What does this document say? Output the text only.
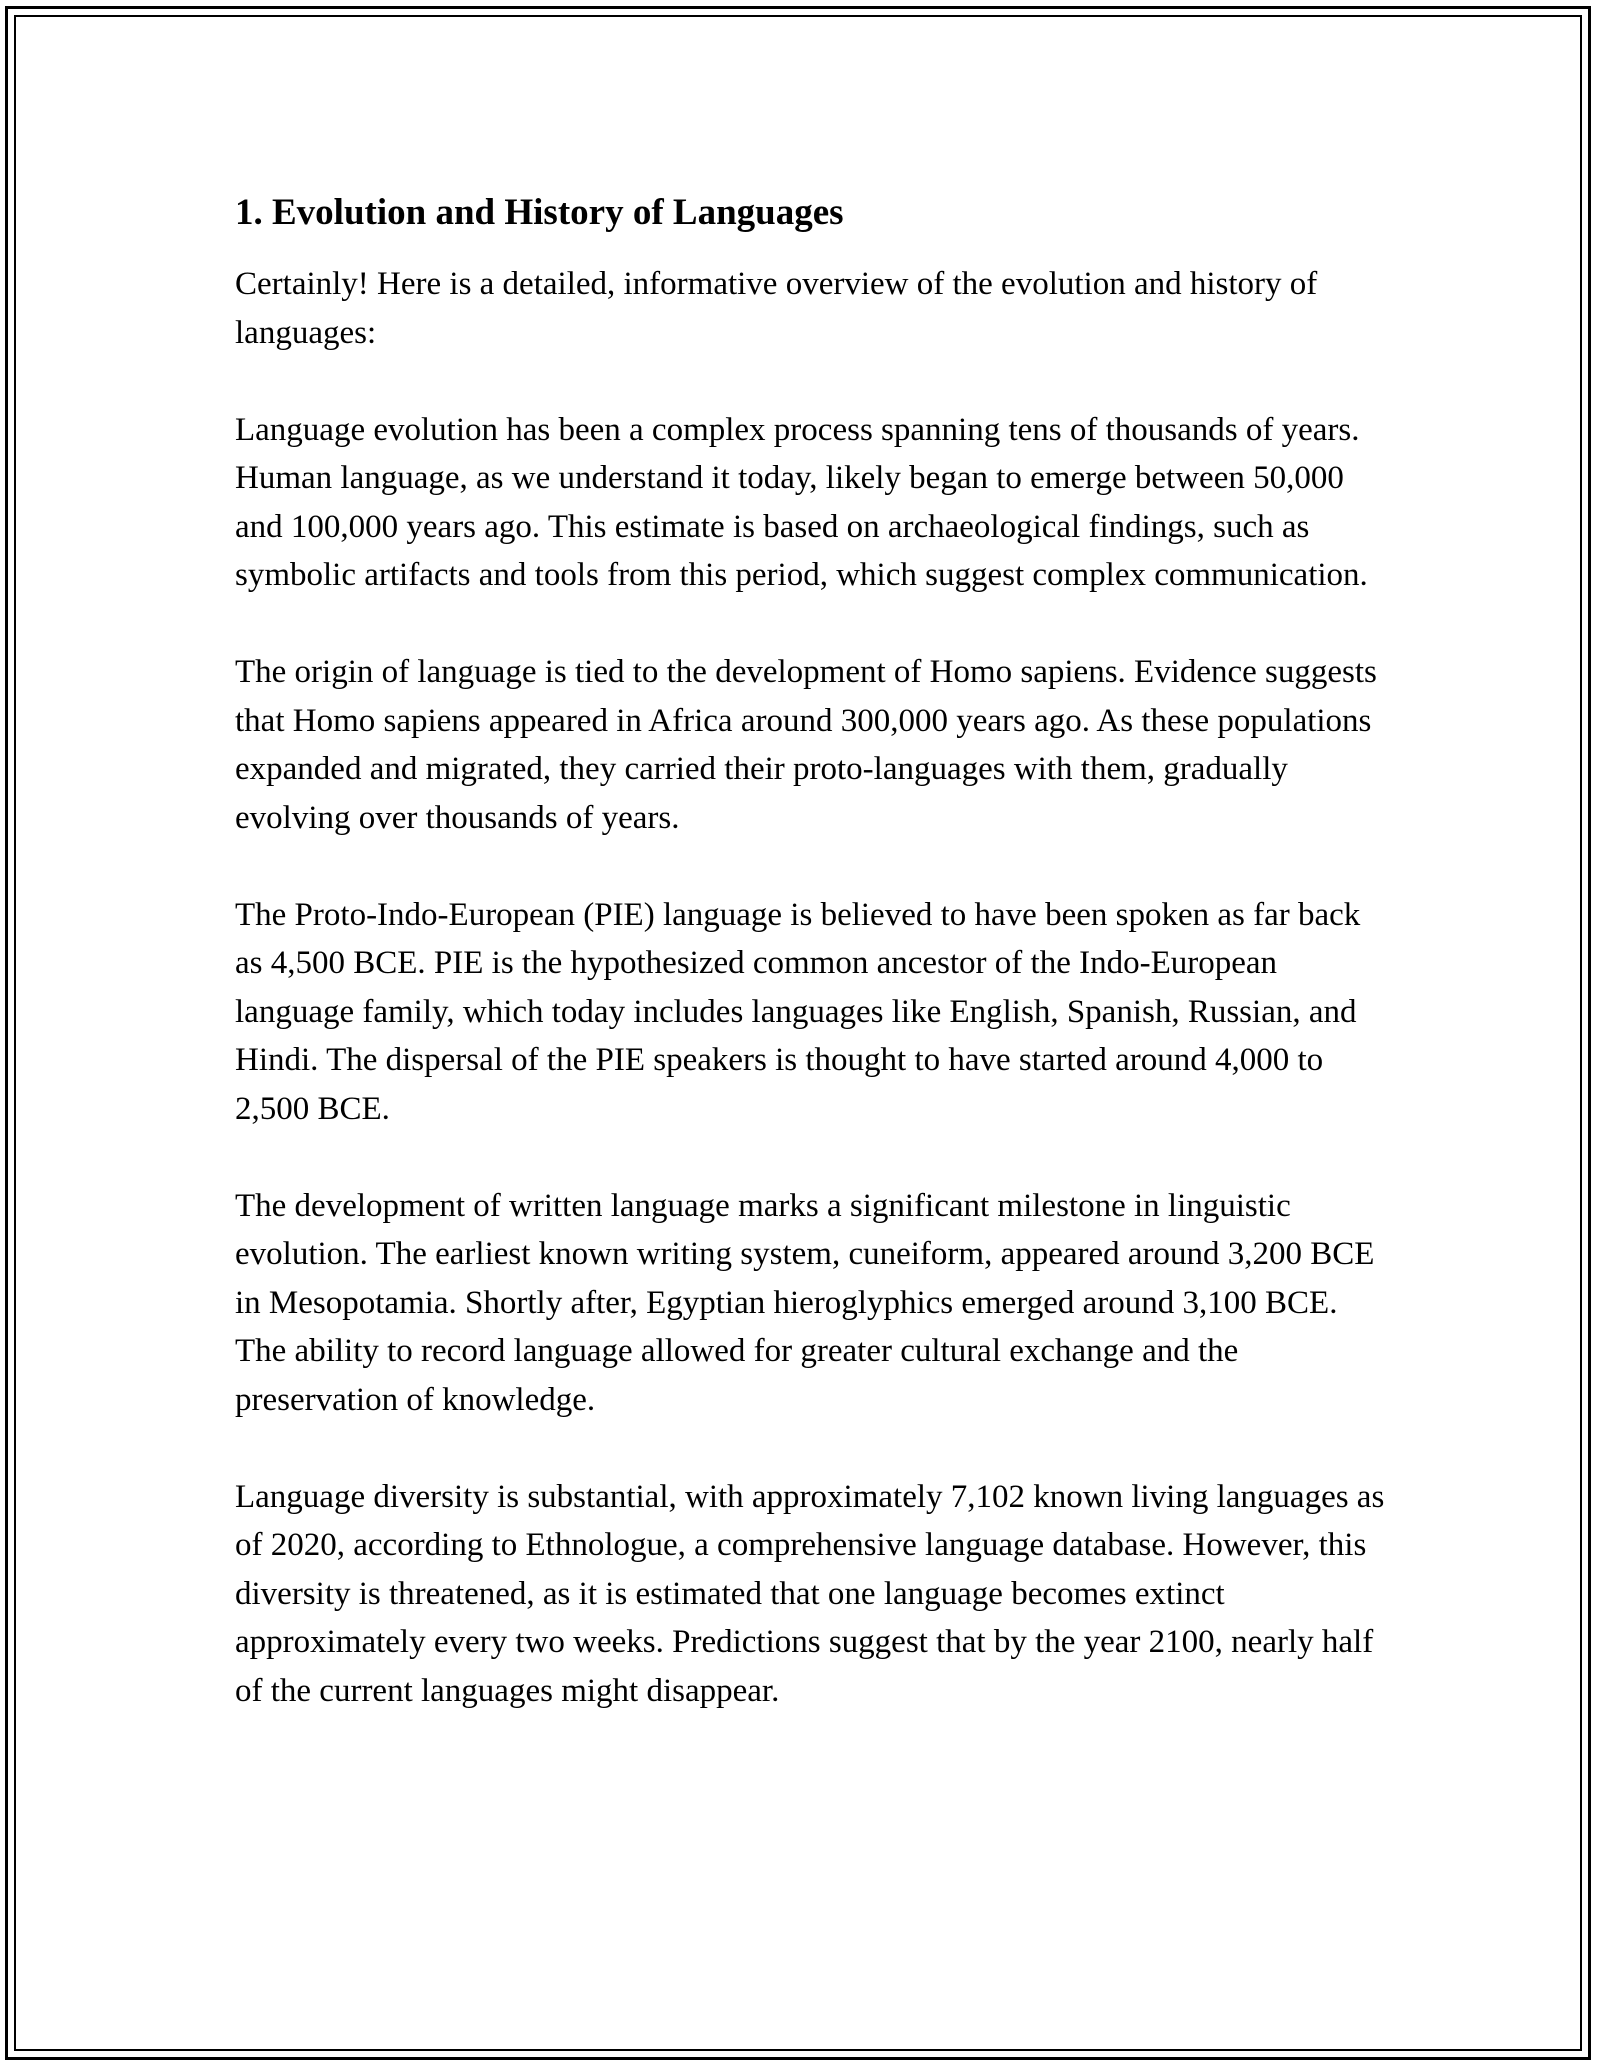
1. Evolution and History of Languages

Certainly! Here is a detailed, informative overview of the evolution and history of languages:

Language evolution has been a complex process spanning tens of thousands of years. Human language, as we understand it today, likely began to emerge between 50,000 and 100,000 years ago. This estimate is based on archaeological findings, such as symbolic artifacts and tools from this period, which suggest complex communication.

The origin of language is tied to the development of Homo sapiens. Evidence suggests that Homo sapiens appeared in Africa around 300,000 years ago. As these populations expanded and migrated, they carried their proto-languages with them, gradually evolving over thousands of years.

The Proto-Indo-European (PIE) language is believed to have been spoken as far back as 4,500 BCE. PIE is the hypothesized common ancestor of the Indo-European language family, which today includes languages like English, Spanish, Russian, and Hindi. The dispersal of the PIE speakers is thought to have started around 4,000 to 2,500 BCE.

The development of written language marks a significant milestone in linguistic evolution. The earliest known writing system, cuneiform, appeared around 3,200 BCE in Mesopotamia. Shortly after, Egyptian hieroglyphics emerged around 3,100 BCE. The ability to record language allowed for greater cultural exchange and the preservation of knowledge.

Language diversity is substantial, with approximately 7,102 known living languages as of 2020, according to Ethnologue, a comprehensive language database. However, this diversity is threatened, as it is estimated that one language becomes extinct approximately every two weeks. Predictions suggest that by the year 2100, nearly half of the current languages might disappear.
